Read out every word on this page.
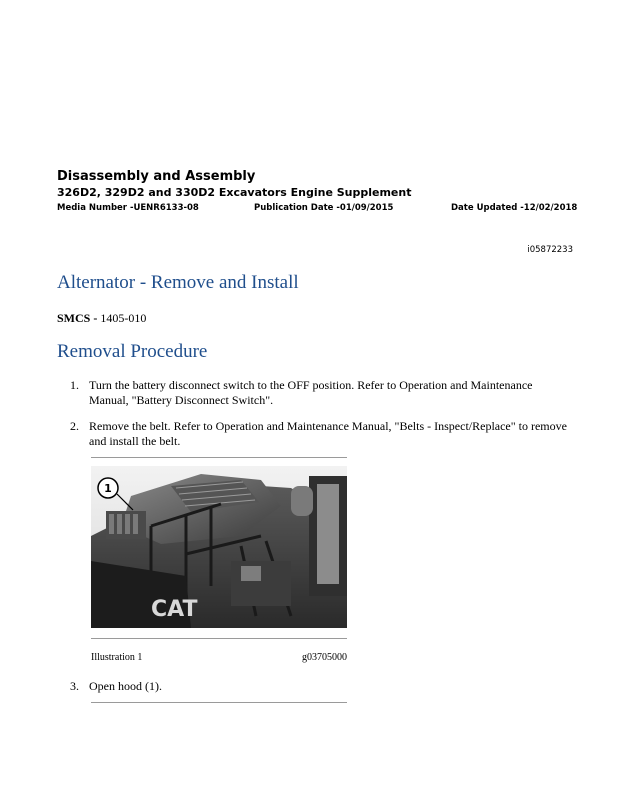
Disassembly and Assembly
326D2, 329D2 and 330D2 Excavators Engine Supplement
Media Number -UENR6133-08	Publication Date -01/09/2015	Date Updated -12/02/2018
i05872233
Alternator - Remove and Install
SMCS - 1405-010
Removal Procedure
1. Turn the battery disconnect switch to the OFF position. Refer to Operation and Maintenance Manual, "Battery Disconnect Switch".
2. Remove the belt. Refer to Operation and Maintenance Manual, "Belts - Inspect/Replace" to remove and install the belt.
CAT
1
Illustration 1	g03705000
3. Open hood (1).
